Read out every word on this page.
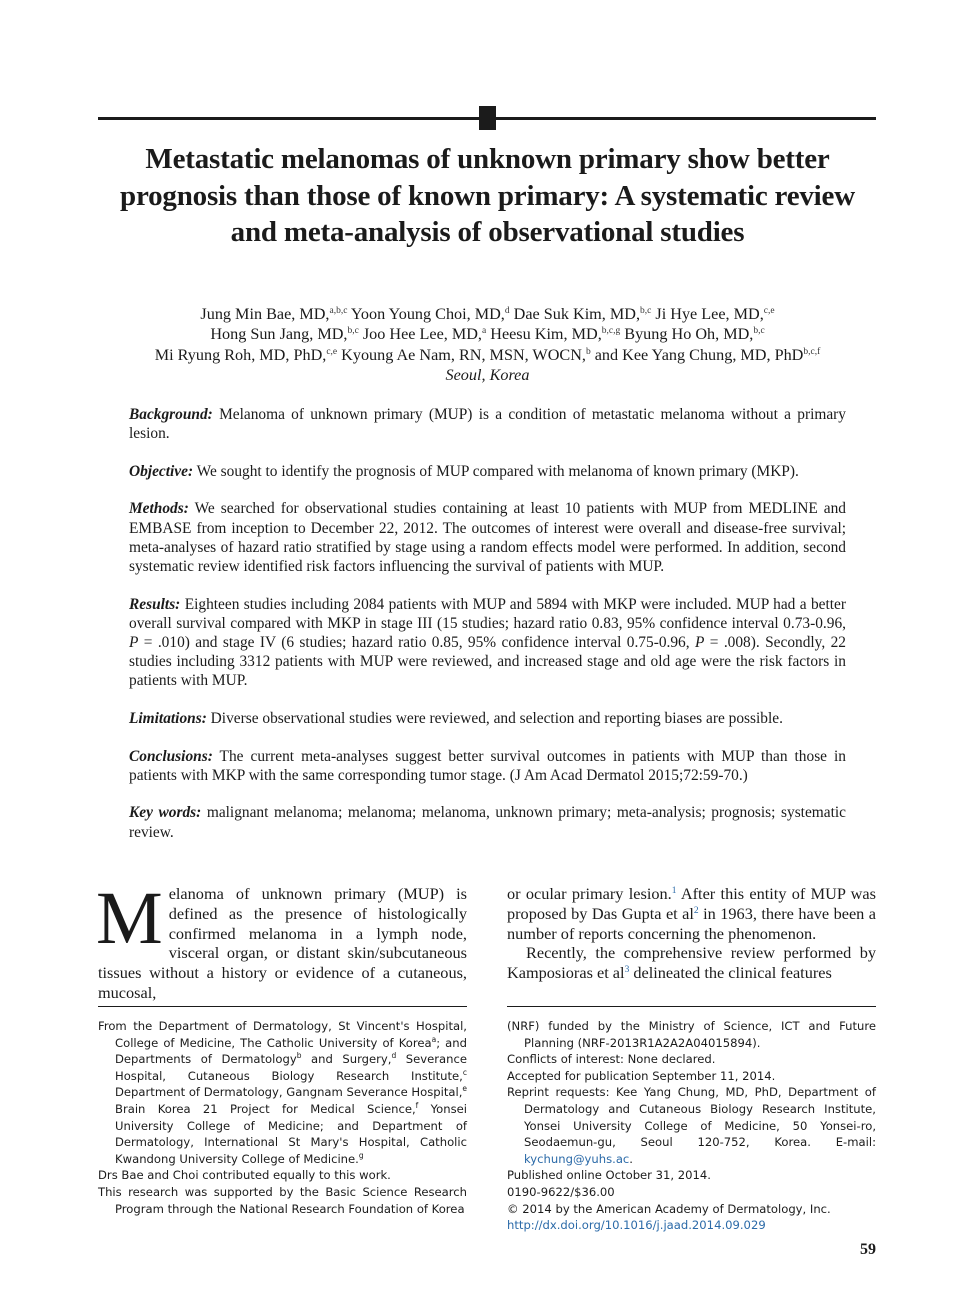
Metastatic melanomas of unknown primary show better prognosis than those of known primary: A systematic review and meta-analysis of observational studies
Jung Min Bae, MD,$^{a,b,c}$ Yoon Young Choi, MD,$^d$ Dae Suk Kim, MD,$^{b,c}$ Ji Hye Lee, MD,$^{c,e}$
Hong Sun Jang, MD,$^{b,c}$ Joo Hee Lee, MD,$^a$ Heesu Kim, MD,$^{b,c,g}$ Byung Ho Oh, MD,$^{b,c}$
Mi Ryung Roh, MD, PhD,$^{c,e}$ Kyoung Ae Nam, RN, MSN, WOCN,$^b$ and Kee Yang Chung, MD, PhD$^{b,c,f}$
Seoul, Korea

Background: Melanoma of unknown primary (MUP) is a condition of metastatic melanoma without a primary lesion.

Objective: We sought to identify the prognosis of MUP compared with melanoma of known primary (MKP).

Methods: We searched for observational studies containing at least 10 patients with MUP from MEDLINE and EMBASE from inception to December 22, 2012. The outcomes of interest were overall and disease-free survival; meta-analyses of hazard ratio stratified by stage using a random effects model were performed. In addition, second systematic review identified risk factors influencing the survival of patients with MUP.

Results: Eighteen studies including 2084 patients with MUP and 5894 with MKP were included. MUP had a better overall survival compared with MKP in stage III (15 studies; hazard ratio 0.83, 95% confidence interval 0.73-0.96, P = .010) and stage IV (6 studies; hazard ratio 0.85, 95% confidence interval 0.75-0.96, P = .008). Secondly, 22 studies including 3312 patients with MUP were reviewed, and increased stage and old age were the risk factors in patients with MUP.

Limitations: Diverse observational studies were reviewed, and selection and reporting biases are possible.

Conclusions: The current meta-analyses suggest better survival outcomes in patients with MUP than those in patients with MKP with the same corresponding tumor stage. (J Am Acad Dermatol 2015;72:59-70.)

Key words: malignant melanoma; melanoma; melanoma, unknown primary; meta-analysis; prognosis; systematic review.

Melanoma of unknown primary (MUP) is defined as the presence of histologically confirmed melanoma in a lymph node, visceral organ, or distant skin/subcutaneous tissues without a history or evidence of a cutaneous, mucosal,

or ocular primary lesion.$^1$ After this entity of MUP was proposed by Das Gupta et $al^2$ in 1963, there have been a number of reports concerning the phenomenon.

Recently, the comprehensive review performed by Kamposioras et $al^3$ delineated the clinical features

From the Department of Dermatology, St Vincent's Hospital, College of Medicine, The Catholic University of Korea$^a$; and Departments of Dermatology$^b$ and Surgery,$^d$ Severance Hospital, Cutaneous Biology Research Institute,$^c$ Department of Dermatology, Gangnam Severance Hospital,$^e$ Brain Korea 21 Project for Medical Science,$^f$ Yonsei University College of Medicine; and Department of Dermatology, International St Mary's Hospital, Catholic Kwandong University College of Medicine.$^g$

Drs Bae and Choi contributed equally to this work.

This research was supported by the Basic Science Research Program through the National Research Foundation of Korea

(NRF) funded by the Ministry of Science, ICT and Future Planning (NRF-2013R1A2A2A04015894).

Conflicts of interest: None declared.

Accepted for publication September 11, 2014.

Reprint requests: Kee Yang Chung, MD, PhD, Department of Dermatology and Cutaneous Biology Research Institute, Yonsei University College of Medicine, 50 Yonsei-ro, Seodaemun-gu, Seoul 120-752, Korea. E-mail: kychung@yuhs.ac.

Published online October 31, 2014.

0190-9622/$36.00

© 2014 by the American Academy of Dermatology, Inc.

http://dx.doi.org/10.1016/j.jaad.2014.09.029

59
